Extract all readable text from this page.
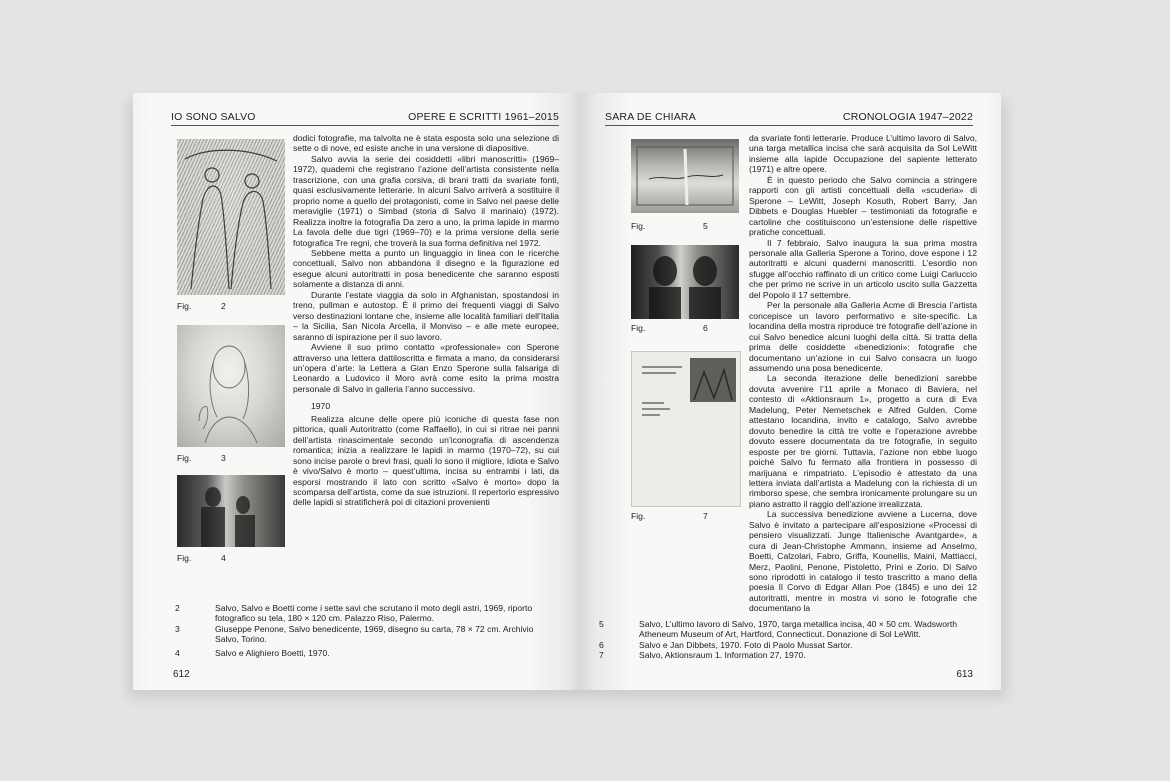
IO SONO SALVO	OPERE E SCRITTI 1961–2015
Fig.	2
Fig.	3
Fig.	4

dodici fotografie, ma talvolta ne è stata esposta solo una selezione di sette o di nove, ed esiste anche in una versione di diapositive.

Salvo avvia la serie dei cosiddetti «libri manoscritti» (1969–1972), quaderni che registrano l’azione dell’artista consistente nella trascrizione, con una grafia corsiva, di brani tratti da svariate fonti, quasi esclusivamente letterarie. In alcuni Salvo arriverà a sostituire il proprio nome a quello dei protagonisti, come in Salvo nel paese delle meraviglie (1971) o Simbad (storia di Salvo il marinaio) (1972). Realizza inoltre la fotografia Da zero a uno, la prima lapide in marmo La favola delle due tigri (1969–70) e la prima versione della serie fotografica Tre regni, che troverà la sua forma definitiva nel 1972.

Sebbene metta a punto un linguaggio in linea con le ricerche concettuali, Salvo non abbandona il disegno e la figurazione ed esegue alcuni autoritratti in posa benedicente che saranno esposti solamente a distanza di anni.

Durante l’estate viaggia da solo in Afghanistan, spostandosi in treno, pullman e autostop. È il primo dei frequenti viaggi di Salvo verso destinazioni lontane che, insieme alle località familiari dell’Italia – la Sicilia, San Nicola Arcella, il Monviso – e alle mete europee, saranno di ispirazione per il suo lavoro.

Avviene il suo primo contatto «professionale» con Sperone attraverso una lettera dattiloscritta e firmata a mano, da considerarsi un’opera d’arte: la Lettera a Gian Enzo Sperone sulla falsariga di Leonardo a Ludovico il Moro avrà come esito la prima mostra personale di Salvo in galleria l’anno successivo.

1970

Realizza alcune delle opere più iconiche di questa fase non pittorica, quali Autoritratto (come Raffaello), in cui si ritrae nei panni dell’artista rinascimentale secondo un’iconografia di ascendenza romantica; inizia a realizzare le lapidi in marmo (1970–72), su cui sono incise parole o brevi frasi, quali Io sono il migliore, Idiota e Salvo è vivo/Salvo è morto – quest’ultima, incisa su entrambi i lati, da esporsi mostrando il lato con scritto «Salvo è morto» dopo la scomparsa dell’artista, come da sue istruzioni. Il repertorio espressivo delle lapidi si stratificherà poi di citazioni provenienti

2	Salvo, Salvo e Boetti come i sette savi che scrutano il moto degli astri, 1969, riporto fotografico su tela, 180 × 120 cm. Palazzo Riso, Palermo.
3	Giuseppe Penone, Salvo benedicente, 1969, disegno su carta, 78 × 72 cm. Archivio Salvo, Torino.
4	Salvo e Alighiero Boetti, 1970.
612
SARA DE CHIARA	CRONOLOGIA 1947–2022
Fig.	5
Fig.	6
Fig.	7

da svariate fonti letterarie. Produce L’ultimo lavoro di Salvo, una targa metallica incisa che sarà acquisita da Sol LeWitt insieme alla lapide Occupazione del sapiente letterato (1971) e altre opere.

È in questo periodo che Salvo comincia a stringere rapporti con gli artisti concettuali della «scuderia» di Sperone – LeWitt, Joseph Kosuth, Robert Barry, Jan Dibbets e Douglas Huebler – testimoniati da fotografie e cartoline che costituiscono un’estensione delle rispettive pratiche concettuali.

Il 7 febbraio, Salvo inaugura la sua prima mostra personale alla Galleria Sperone a Torino, dove espone i 12 autoritratti e alcuni quaderni manoscritti. L’esordio non sfugge all’occhio raffinato di un critico come Luigi Carluccio che per primo ne scrive in un articolo uscito sulla Gazzetta del Popolo il 17 settembre.

Per la personale alla Galleria Acme di Brescia l’artista concepisce un lavoro performativo e site-specific. La locandina della mostra riproduce tre fotografie dell’azione in cui Salvo benedice alcuni luoghi della città. Si tratta della prima delle cosiddette «benedizioni»: fotografie che documentano un’azione in cui Salvo consacra un luogo assumendo una posa benedicente.

La seconda iterazione delle benedizioni sarebbe dovuta avvenire l’11 aprile a Monaco di Baviera, nel contesto di «Aktionsraum 1», progetto a cura di Eva Madelung, Peter Nemetschek e Alfred Gulden. Come attestano locandina, invito e catalogo, Salvo avrebbe dovuto benedire la città tre volte e l’operazione avrebbe dovuto essere documentata da tre fotografie, in seguito esposte per tre giorni. Tuttavia, l’azione non ebbe luogo poiché Salvo fu fermato alla frontiera in possesso di marijuana e rimpatriato. L’episodio è attestato da una lettera inviata dall’artista a Madelung con la richiesta di un rimborso spese, che sembra ironicamente prolungare su un piano astratto il raggio dell’azione irrealizzata.

La successiva benedizione avviene a Lucerna, dove Salvo è invitato a partecipare all’esposizione «Processi di pensiero visualizzati. Junge Italienische Avantgarde», a cura di Jean-Christophe Ammann, insieme ad Anselmo, Boetti, Calzolari, Fabro, Griffa, Kounellis, Maini, Mattiacci, Merz, Paolini, Penone, Pistoletto, Prini e Zorio. Di Salvo sono riprodotti in catalogo il testo trascritto a mano della poesia Il Corvo di Edgar Allan Poe (1845) e uno dei 12 autoritratti, mentre in mostra vi sono le fotografie che documentano la

5	Salvo, L’ultimo lavoro di Salvo, 1970, targa metallica incisa, 40 × 50 cm. Wadsworth Atheneum Museum of Art, Hartford, Connecticut. Donazione di Sol LeWitt.
6	Salvo e Jan Dibbets, 1970. Foto di Paolo Mussat Sartor.
7	Salvo, Aktionsraum 1. Information 27, 1970.
613
